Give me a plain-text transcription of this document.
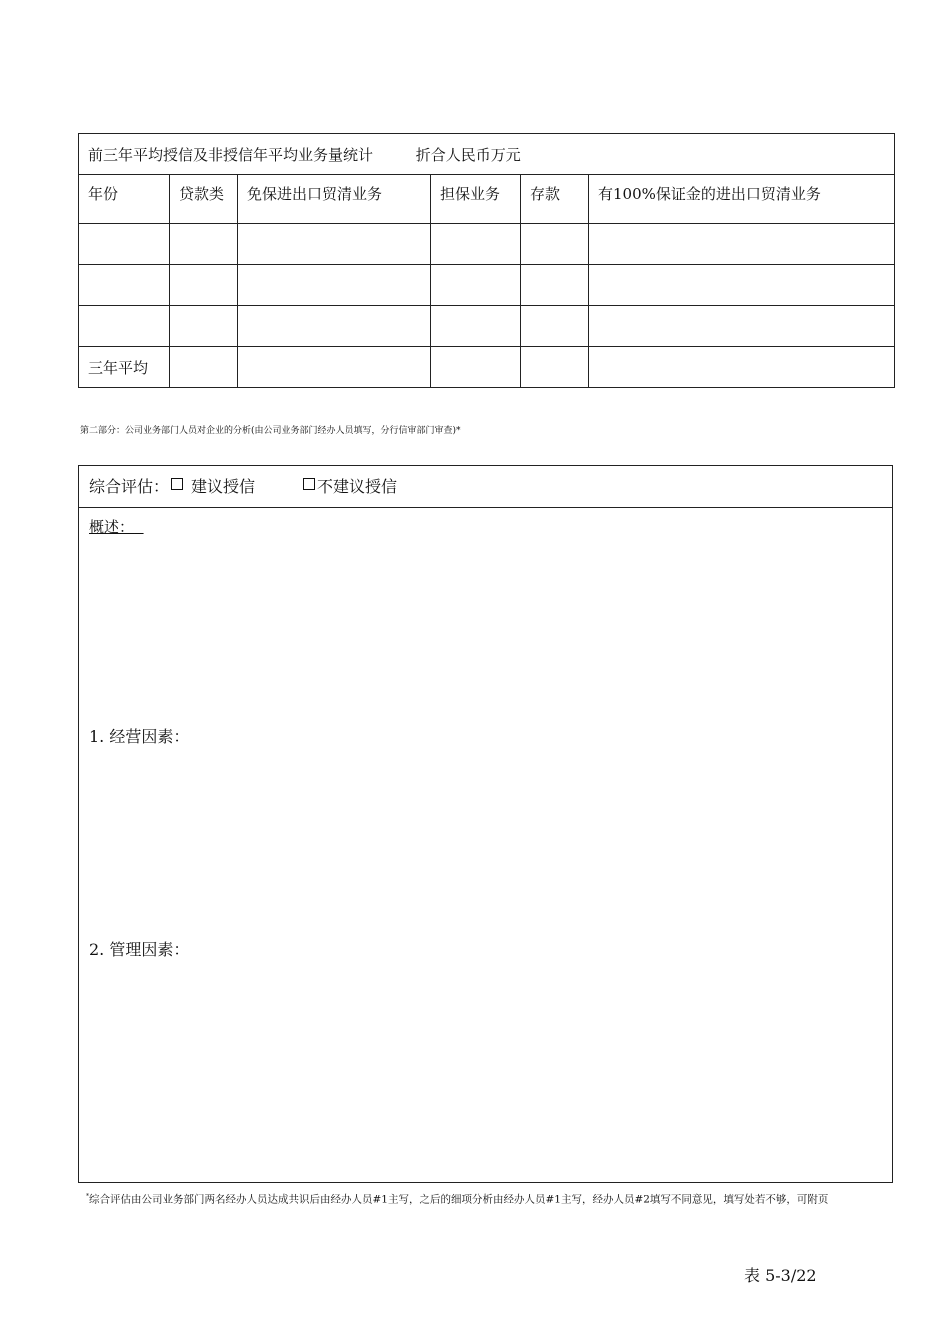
前三年平均授信及非授信年平均业务量统计 折合人民币万元					
年份	贷款类	免保进出口贸清业务	担保业务	存款	有100%保证金的进出口贸清业务

三年平均					
第二部分：公司业务部门人员对企业的分析(由公司业务部门经办人员填写，分行信审部门审查)*
综合评估： 建议授信	不建议授信
概述：
1. 经营因素：
2. 管理因素：
*综合评估由公司业务部门两名经办人员达成共识后由经办人员#1主写，之后的细项分析由经办人员#1主写，经办人员#2填写不同意见，填写处若不够，可附页
表 5-3/22
